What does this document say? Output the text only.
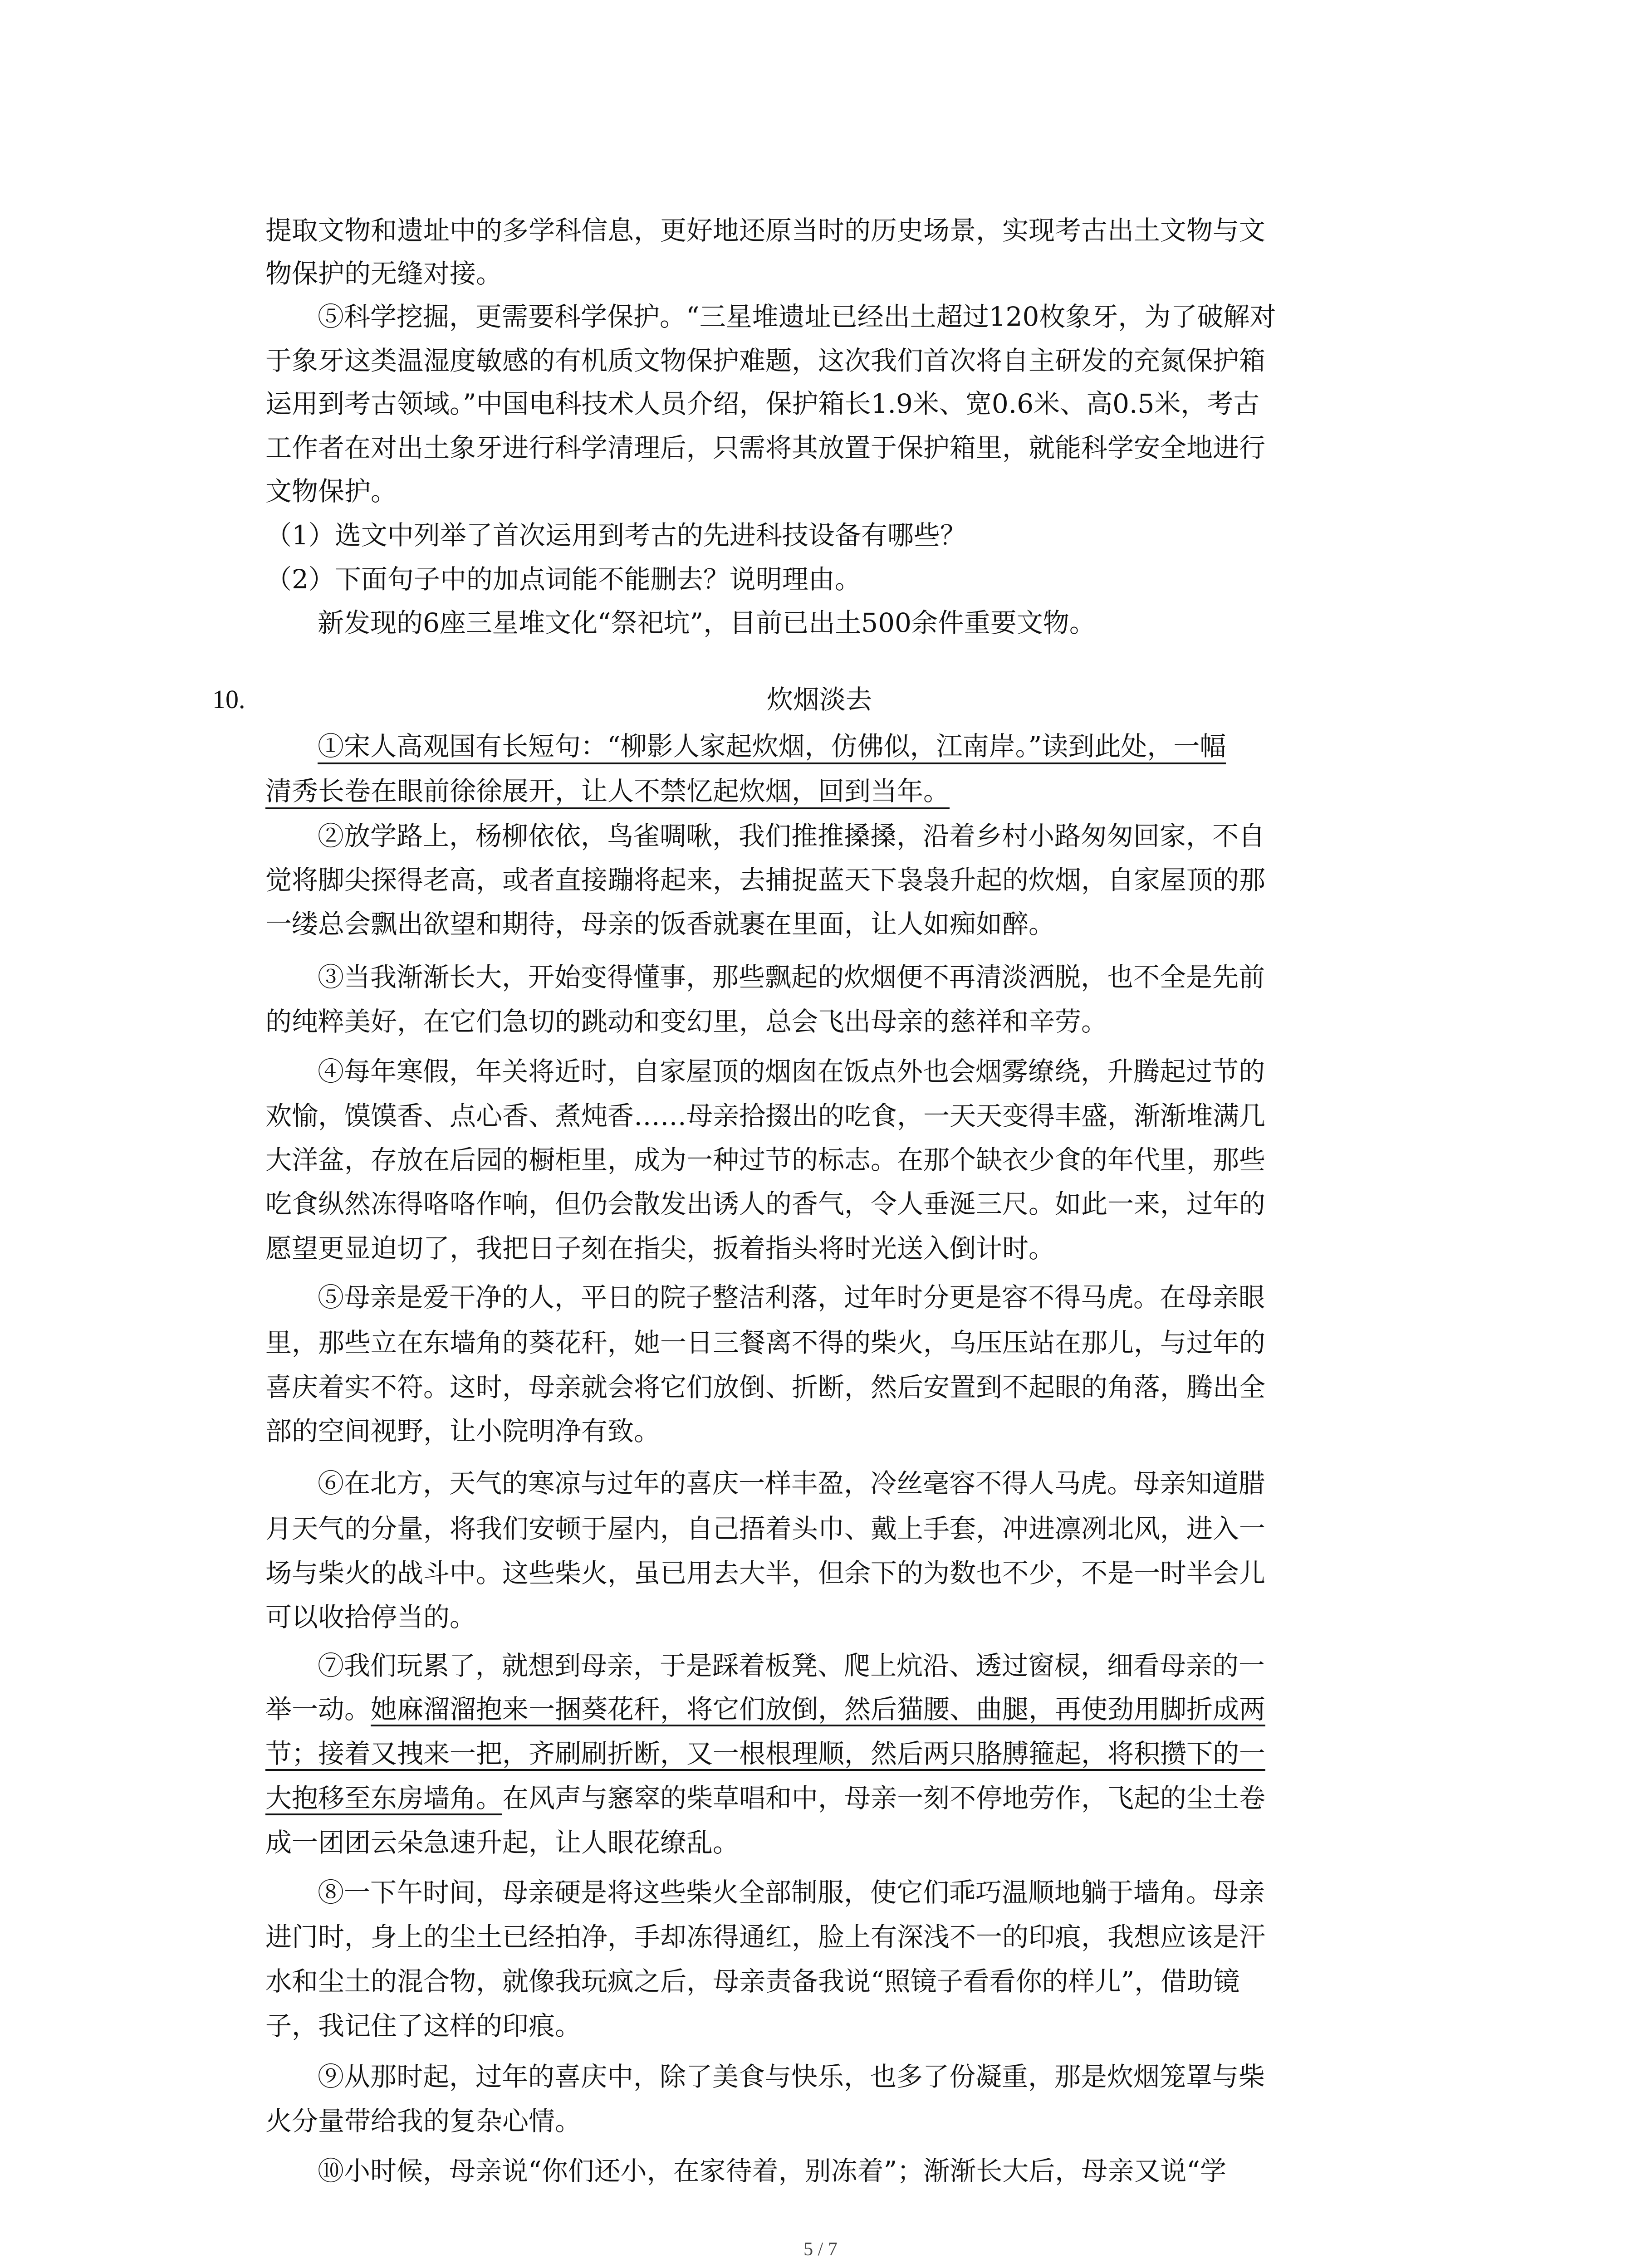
提取文物和遗址中的多学科信息，更好地还原当时的历史场景，实现考古出土文物与文

物保护的无缝对接。

⑤科学挖掘，更需要科学保护。“三星堆遗址已经出土超过120枚象牙，为了破解对

于象牙这类温湿度敏感的有机质文物保护难题，这次我们首次将自主研发的充氮保护箱

运用到考古领域。”中国电科技术人员介绍，保护箱长1.9米、宽0.6米、高0.5米，考古

工作者在对出土象牙进行科学清理后，只需将其放置于保护箱里，就能科学安全地进行

文物保护。

（1）选文中列举了首次运用到考古的先进科技设备有哪些？

（2）下面句子中的加点词能不能删去？说明理由。

新发现的6座三星堆文化“祭祀坑”，目前已出土500余件重要文物。

10.	炊烟淡去

①宋人高观国有长短句：“柳影人家起炊烟，仿佛似，江南岸。”读到此处，一幅

清秀长卷在眼前徐徐展开，让人不禁忆起炊烟，回到当年。

②放学路上，杨柳依依，鸟雀啁啾，我们推推搡搡，沿着乡村小路匆匆回家，不自

觉将脚尖探得老高，或者直接蹦将起来，去捕捉蓝天下袅袅升起的炊烟，自家屋顶的那

一缕总会飘出欲望和期待，母亲的饭香就裹在里面，让人如痴如醉。

③当我渐渐长大，开始变得懂事，那些飘起的炊烟便不再清淡洒脱，也不全是先前

的纯粹美好，在它们急切的跳动和变幻里，总会飞出母亲的慈祥和辛劳。

④每年寒假，年关将近时，自家屋顶的烟囱在饭点外也会烟雾缭绕，升腾起过节的

欢愉，馍馍香、点心香、煮炖香……母亲拾掇出的吃食，一天天变得丰盛，渐渐堆满几

大洋盆，存放在后园的橱柜里，成为一种过节的标志。在那个缺衣少食的年代里，那些

吃食纵然冻得咯咯作响，但仍会散发出诱人的香气，令人垂涎三尺。如此一来，过年的

愿望更显迫切了，我把日子刻在指尖，扳着指头将时光送入倒计时。

⑤母亲是爱干净的人，平日的院子整洁利落，过年时分更是容不得马虎。在母亲眼

里，那些立在东墙角的葵花秆，她一日三餐离不得的柴火，乌压压站在那儿，与过年的

喜庆着实不符。这时，母亲就会将它们放倒、折断，然后安置到不起眼的角落，腾出全

部的空间视野，让小院明净有致。

⑥在北方，天气的寒凉与过年的喜庆一样丰盈，冷丝毫容不得人马虎。母亲知道腊

月天气的分量，将我们安顿于屋内，自己捂着头巾、戴上手套，冲进凛冽北风，进入一

场与柴火的战斗中。这些柴火，虽已用去大半，但余下的为数也不少，不是一时半会儿

可以收拾停当的。

⑦我们玩累了，就想到母亲，于是踩着板凳、爬上炕沿、透过窗棂，细看母亲的一

举一动。她麻溜溜抱来一捆葵花秆，将它们放倒，然后猫腰、曲腿，再使劲用脚折成两

节；接着又拽来一把，齐刷刷折断，又一根根理顺，然后两只胳膊箍起，将积攒下的一

大抱移至东房墙角。在风声与窸窣的柴草唱和中，母亲一刻不停地劳作，飞起的尘土卷

成一团团云朵急速升起，让人眼花缭乱。

⑧一下午时间，母亲硬是将这些柴火全部制服，使它们乖巧温顺地躺于墙角。母亲

进门时，身上的尘土已经拍净，手却冻得通红，脸上有深浅不一的印痕，我想应该是汗

水和尘土的混合物，就像我玩疯之后，母亲责备我说“照镜子看看你的样儿”，借助镜

子，我记住了这样的印痕。

⑨从那时起，过年的喜庆中，除了美食与快乐，也多了份凝重，那是炊烟笼罩与柴

火分量带给我的复杂心情。

⑩小时候，母亲说“你们还小，在家待着，别冻着”；渐渐长大后，母亲又说“学

5 / 7
